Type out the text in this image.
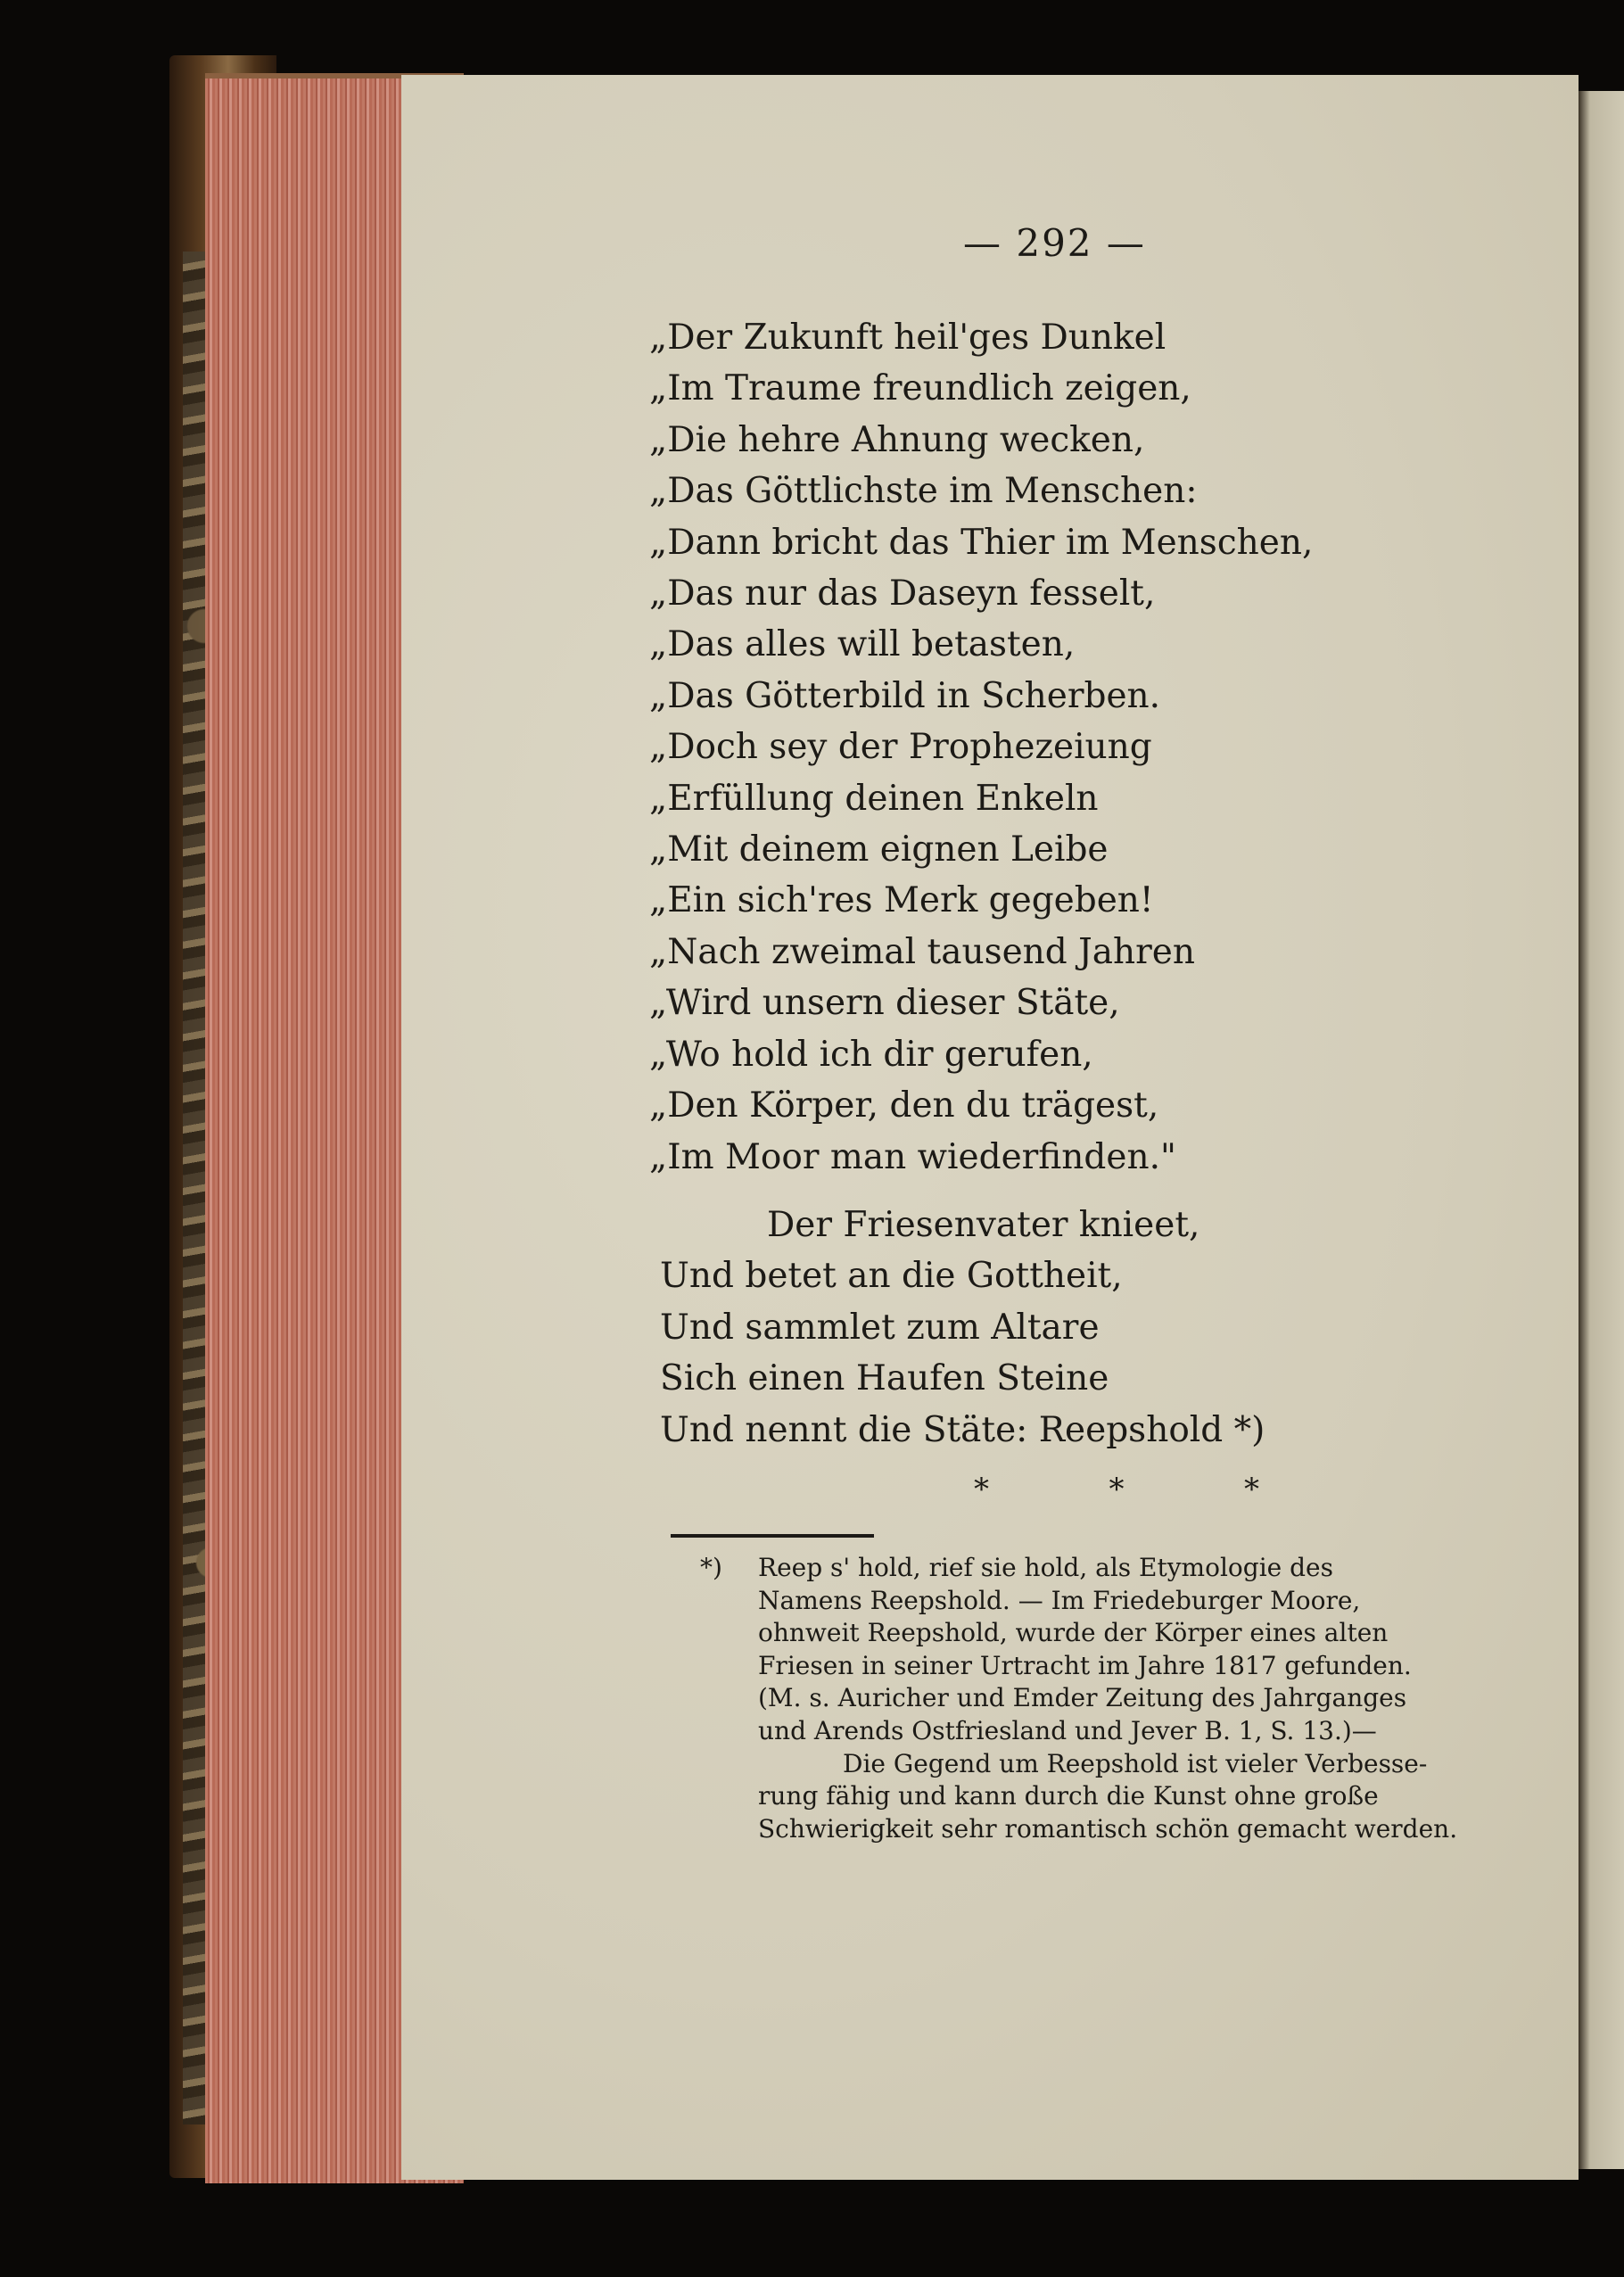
— 292 —
„Der Zukunft heil'ges Dunkel
„Im Traume freundlich zeigen,
„Die hehre Ahnung wecken,
„Das Göttlichste im Menschen:
„Dann bricht das Thier im Menschen,
„Das nur das Daseyn fesselt,
„Das alles will betasten,
„Das Götterbild in Scherben.
„Doch sey der Prophezeiung
„Erfüllung deinen Enkeln
„Mit deinem eignen Leibe
„Ein sich'res Merk gegeben!
„Nach zweimal tausend Jahren
„Wird unsern dieser Stäte,
„Wo hold ich dir gerufen,
„Den Körper, den du trägest,
„Im Moor man wiederfinden."
Der Friesenvater knieet,
Und betet an die Gottheit,
Und sammlet zum Altare
Sich einen Haufen Steine
Und nennt die Stäte: Reepshold *)
*	*	*
*) Reep s' hold, rief sie hold, als Etymologie des
Namens Reepshold. — Im Friedeburger Moore,
ohnweit Reepshold, wurde der Körper eines alten
Friesen in seiner Urtracht im Jahre 1817 gefunden.
(M. s. Auricher und Emder Zeitung des Jahrganges
und Arends Ostfriesland und Jever B. 1, S. 13.)—
Die Gegend um Reepshold ist vieler Verbesse-
rung fähig und kann durch die Kunst ohne große
Schwierigkeit sehr romantisch schön gemacht werden.
